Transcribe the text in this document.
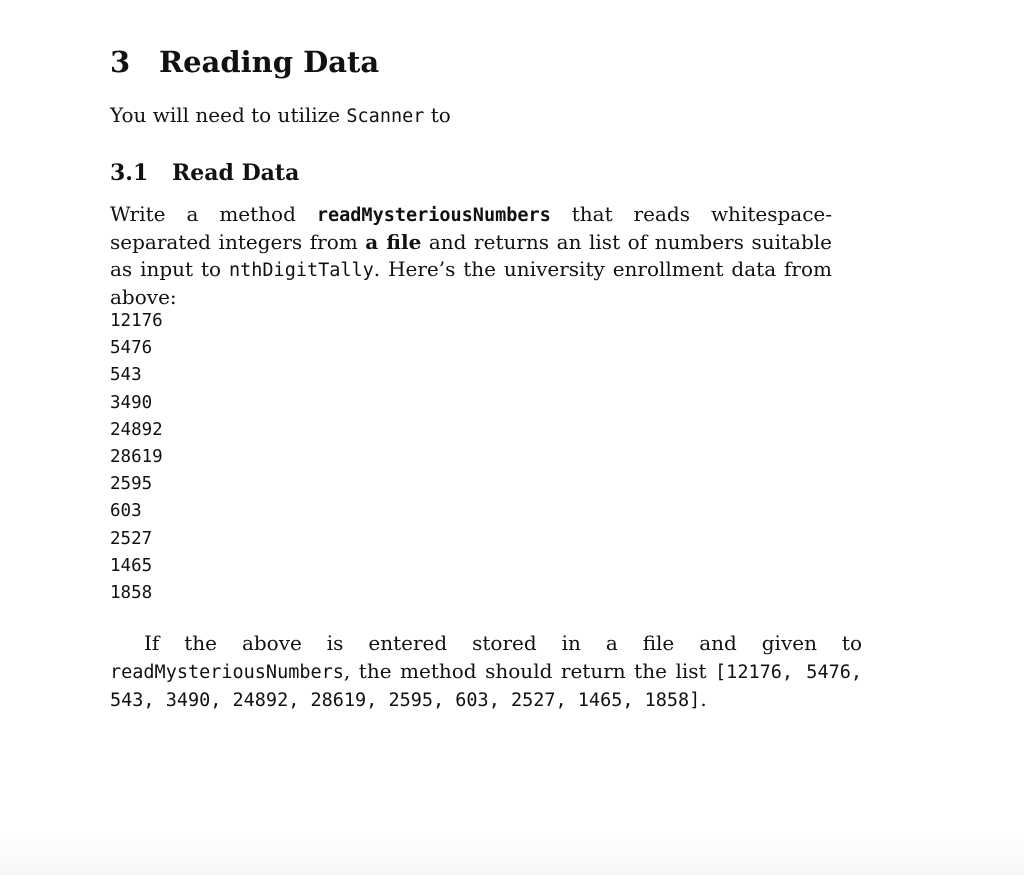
3 Reading Data

You will need to utilize Scanner to

3.1 Read Data

Write a method readMysteriousNumbers that reads whitespace-separated integers from a file and returns an list of numbers suitable as input to nthDigitTally. Here’s the university enrollment data from above:

12176
5476
543
3490
24892
28619
2595
603
2527
1465
1858

If the above is entered stored in a file and given to readMysteriousNumbers, the method should return the list [12176, 5476, 543, 3490, 24892, 28619, 2595, 603, 2527, 1465, 1858].
